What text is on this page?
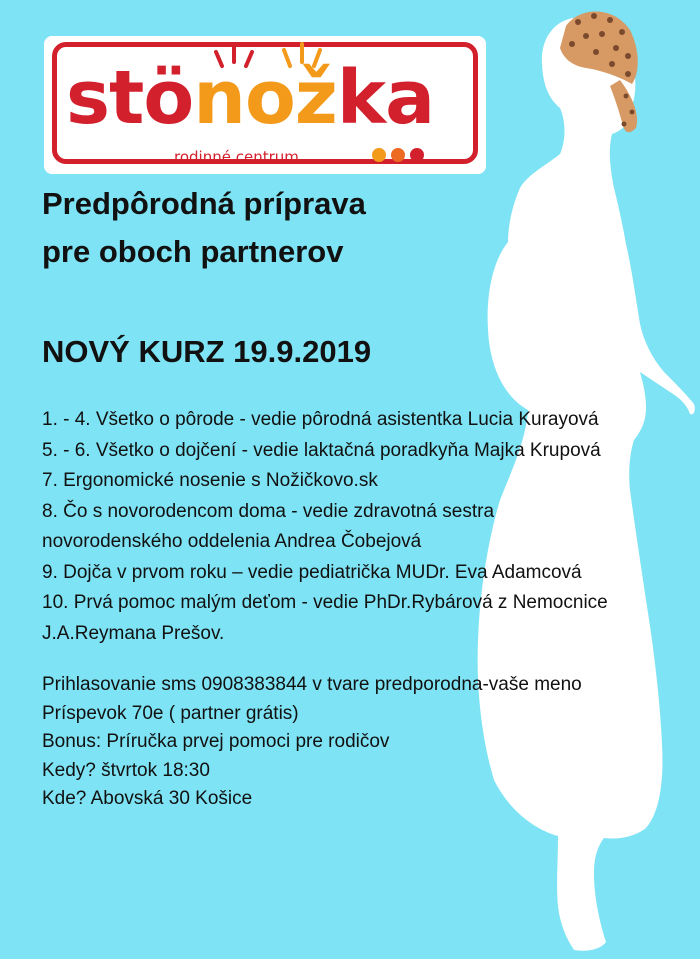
stönožka
rodinné centrum
Predpôrodná príprava
pre oboch partnerov
NOVÝ KURZ 19.9.2019
1. - 4. Všetko o pôrode - vedie pôrodná asistentka Lucia Kurayová
5. - 6. Všetko o dojčení - vedie laktačná poradkyňa Majka Krupová
7. Ergonomické nosenie s Nožičkovo.sk
8. Čo s novorodencom doma - vedie zdravotná sestra
novorodenského oddelenia Andrea Čobejová
9. Dojča v prvom roku – vedie pediatrička MUDr. Eva Adamcová
10. Prvá pomoc malým deťom - vedie PhDr.Rybárová z Nemocnice
J.A.Reymana Prešov.
Prihlasovanie sms 0908383844 v tvare predporodna-vaše meno
Príspevok 70e ( partner grátis)
Bonus: Príručka prvej pomoci pre rodičov
Kedy? štvrtok 18:30
Kde? Abovská 30 Košice
